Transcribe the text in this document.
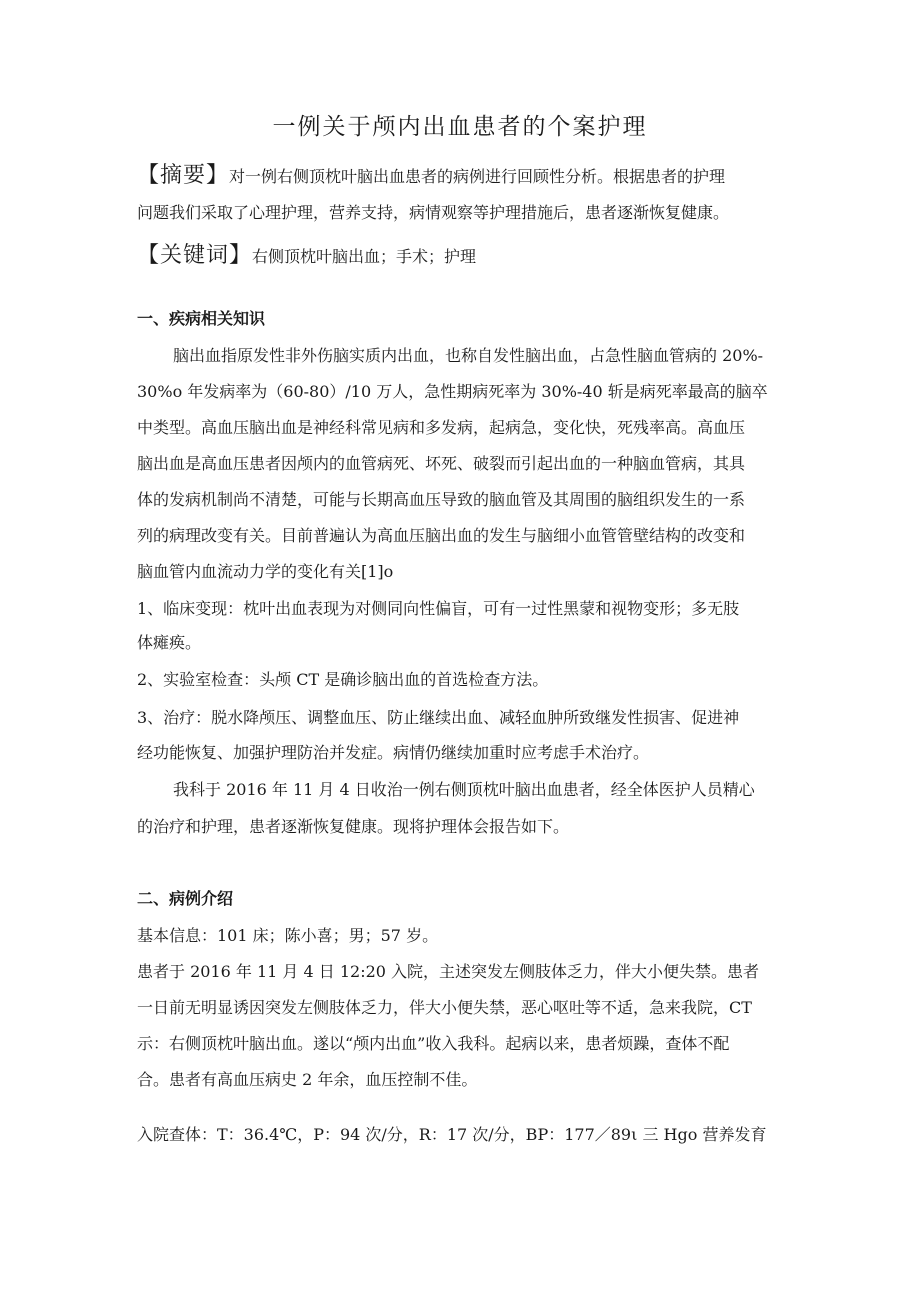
一例关于颅内出血患者的个案护理
【摘要】对一例右侧顶枕叶脑出血患者的病例进行回顾性分析。根据患者的护理
问题我们采取了心理护理，营养支持，病情观察等护理措施后，患者逐渐恢复健康。
【关键词】右侧顶枕叶脑出血；手术；护理
一、疾病相关知识
脑出血指原发性非外伤脑实质内出血，也称自发性脑出血，占急性脑血管病的 20%-
30%o 年发病率为（60-80）/10 万人，急性期病死率为 30%-40 斩是病死率最高的脑卒
中类型。高血压脑出血是神经科常见病和多发病，起病急，变化快，死残率高。高血压
脑出血是高血压患者因颅内的血管病死、坏死、破裂而引起出血的一种脑血管病，其具
体的发病机制尚不清楚，可能与长期高血压导致的脑血管及其周围的脑组织发生的一系
列的病理改变有关。目前普遍认为高血压脑出血的发生与脑细小血管管壁结构的改变和
脑血管内血流动力学的变化有关[1]o
1、临床变现：枕叶出血表现为对侧同向性偏盲，可有一过性黑蒙和视物变形；多无肢
体瘫痪。
2、实验室检查：头颅 CT 是确诊脑出血的首选检查方法。
3、治疗：脱水降颅压、调整血压、防止继续出血、减轻血肿所致继发性损害、促进神
经功能恢复、加强护理防治并发症。病情仍继续加重时应考虑手术治疗。
我科于 2016 年 11 月 4 日收治一例右侧顶枕叶脑出血患者，经全体医护人员精心
的治疗和护理，患者逐渐恢复健康。现将护理体会报告如下。
二、病例介绍
基本信息：101 床；陈小喜；男；57 岁。
患者于 2016 年 11 月 4 日 12:20 入院，主述突发左侧肢体乏力，伴大小便失禁。患者
一日前无明显诱因突发左侧肢体乏力，伴大小便失禁，恶心呕吐等不适，急来我院，CT
示：右侧顶枕叶脑出血。遂以“颅内出血”收入我科。起病以来，患者烦躁，查体不配
合。患者有高血压病史 2 年余，血压控制不佳。
入院查体：T：36.4℃，P：94 次/分，R：17 次/分，BP：177／89ι 三 Hgo 营养发育
